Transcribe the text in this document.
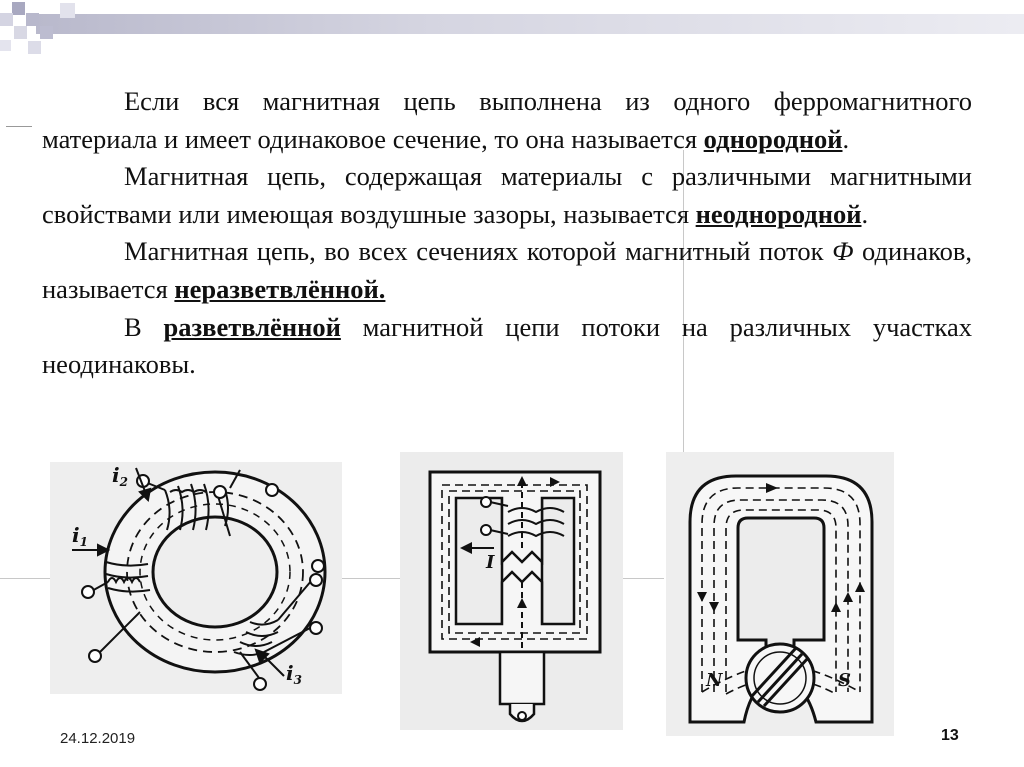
Если вся магнитная цепь выполнена из одного ферромагнитного материала и имеет одинаковое сечение, то она называется однородной.

Магнитная цепь, содержащая материалы с различными магнитными свойствами или имеющая воздушные зазоры, называется неоднородной.

Магнитная цепь, во всех сечениях которой магнитный поток Ф одинаков, называется неразветвлённой.

В разветвлённой магнитной цепи потоки на различных участках неодинаковы.

$i_1$
$i_2$
$i_3$
I
N	S
24.12.2019	13
